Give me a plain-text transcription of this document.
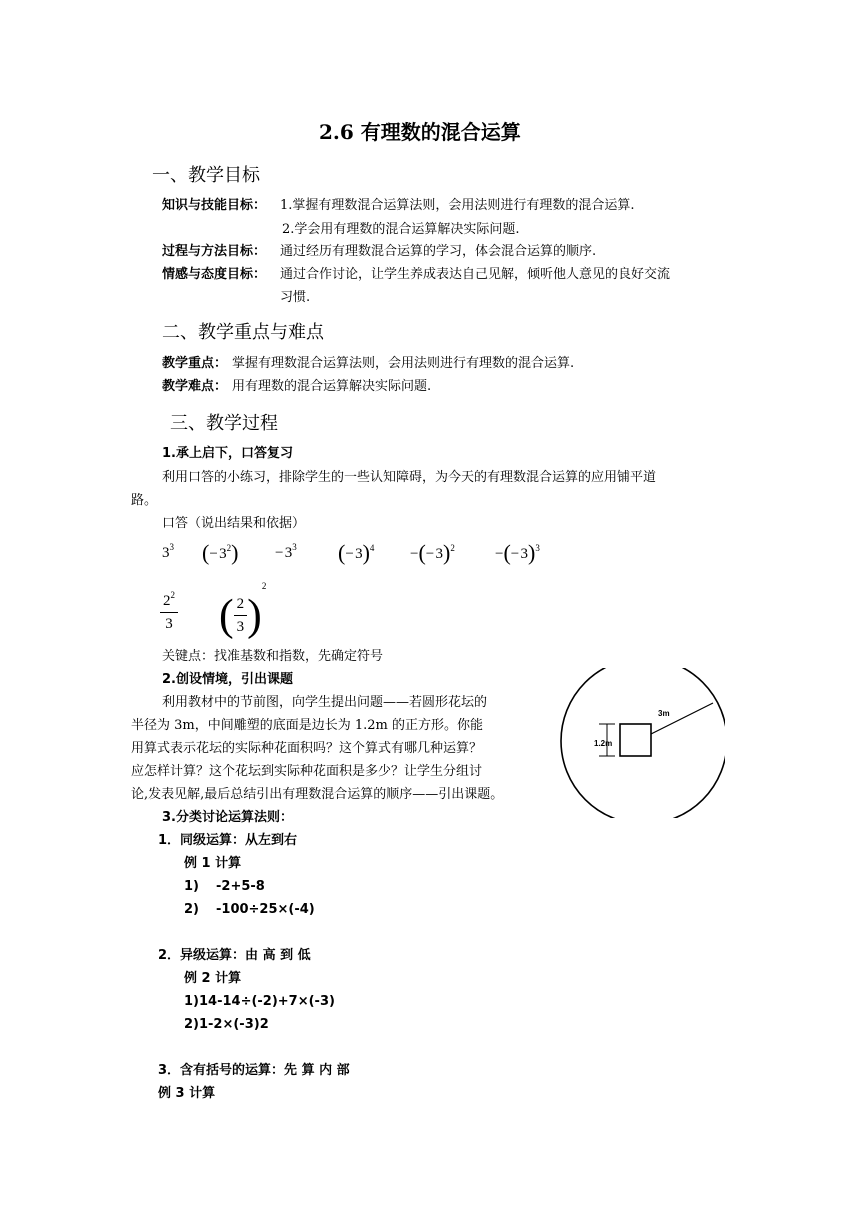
2.6 有理数的混合运算
一、教学目标
知识与技能目标： 1.掌握有理数混合运算法则，会用法则进行有理数的混合运算.
2.学会用有理数的混合运算解决实际问题.
过程与方法目标： 通过经历有理数混合运算的学习，体会混合运算的顺序.
情感与态度目标： 通过合作讨论，让学生养成表达自己见解，倾听他人意见的良好交流
习惯.
二、教学重点与难点
教学重点： 掌握有理数混合运算法则，会用法则进行有理数的混合运算.
教学难点： 用有理数的混合运算解决实际问题.
三、教学过程
1.承上启下，口答复习
利用口答的小练习，排除学生的一些认知障碍，为今天的有理数混合运算的应用铺平道
路。
口答（说出结果和依据）
$3^3$ (− $3^2$) − $3^3$ (− 3)$^4$ −(− 3)$^2$	−(− 3)$^3$
$\frac{2^2}{3}$ ( $\frac{2}{3} )^2$
关键点：找准基数和指数，先确定符号
2.创设情境，引出课题
利用教材中的节前图，向学生提出问题——若圆形花坛的
半径为 3m，中间雕塑的底面是边长为 1.2m 的正方形。你能
用算式表示花坛的实际种花面积吗？这个算式有哪几种运算？
应怎样计算？这个花坛到实际种花面积是多少？让学生分组讨
论,发表见解,最后总结引出有理数混合运算的顺序——引出课题。
3m
1.2m
3.分类讨论运算法则：
1．同级运算：从左到右
例 1 计算
1) -2+5-8
2) -100÷25×(-4)
2．异级运算：由 高 到 低
例 2 计算
1)14-14÷(-2)+7×(-3)
2)1-2×(-3)2
3．含有括号的运算：先 算 内 部
例 3 计算
